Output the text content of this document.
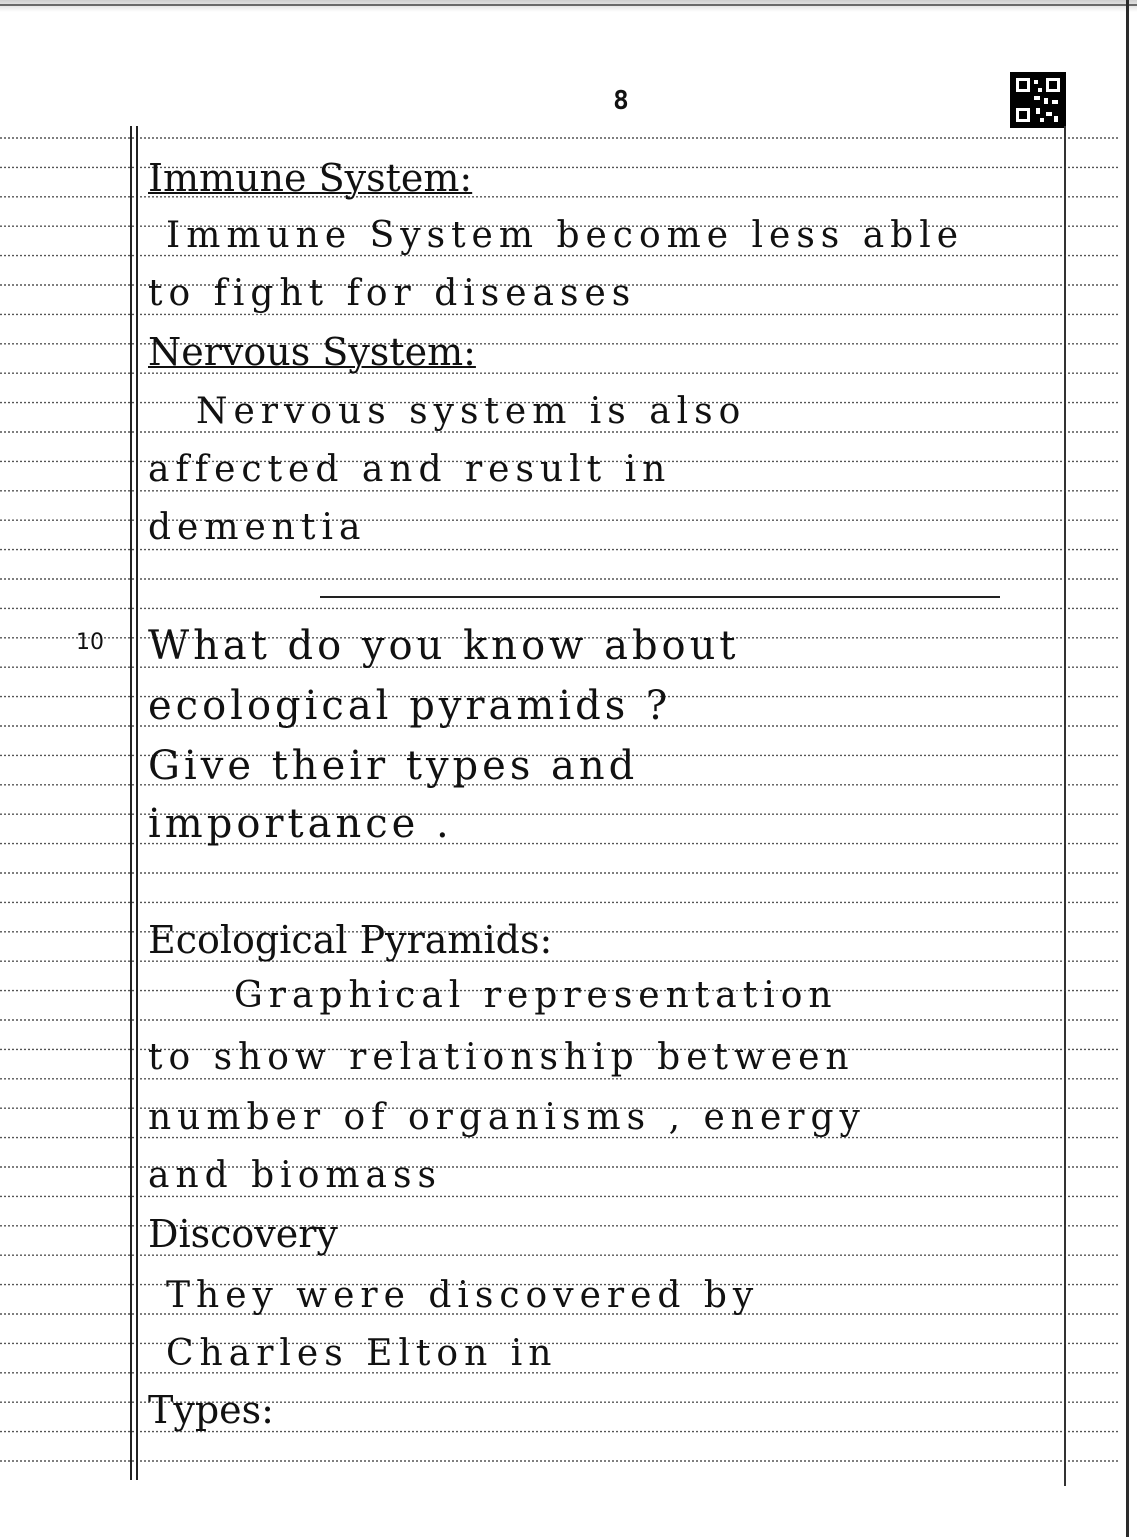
8
Immune System:
Immune System become less able
to fight for diseases
Nervous System:
Nervous system is also
affected and result in
dementia
10 What do you know about
ecological pyramids ?
Give their types and
importance .
Ecological Pyramids:
Graphical representation
to show relationship between
number of organisms , energy
and biomass
Discovery
They were discovered by
Charles Elton in
Types:
